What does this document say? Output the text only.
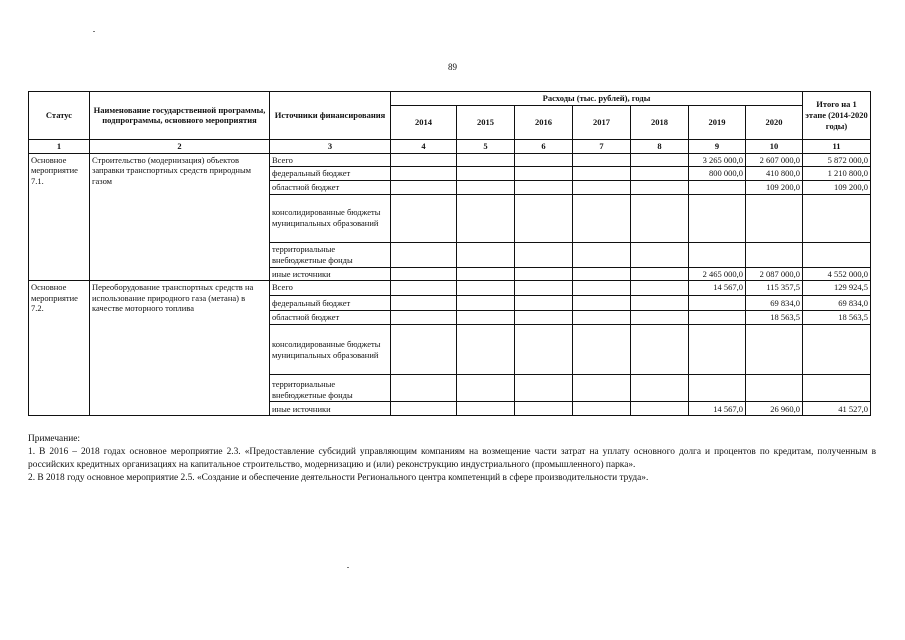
89
Статус	Наименование государственной программы, подпрограммы, основного мероприятия	Источники финансирования	Расходы (тыс. рублей), годы							Итого на 1 этапе (2014-2020 годы)
			2014	2015	2016	2017	2018	2019	2020	
1	2	3	4	5	6	7	8	9	10	11
Основное мероприятие 7.1.	Строительство (модернизация) объектов заправки транспортных средств природным газом	Всего						3 265 000,0	2 607 000,0	5 872 000,0
		федеральный бюджет						800 000,0	410 800,0	1 210 800,0
		областной бюджет							109 200,0	109 200,0
		консолидированные бюджеты муниципальных образований								
		территориальные внебюджетные фонды								
		иные источники						2 465 000,0	2 087 000,0	4 552 000,0
Основное мероприятие 7.2.	Переоборудование транспортных средств на использование природного газа (метана) в качестве моторного топлива	Всего						14 567,0	115 357,5	129 924,5
		федеральный бюджет							69 834,0	69 834,0
		областной бюджет							18 563,5	18 563,5
		консолидированные бюджеты муниципальных образований								
		территориальные внебюджетные фонды								
		иные источники						14 567,0	26 960,0	41 527,0

Примечание:

1. В 2016 – 2018 годах основное мероприятие 2.3. «Предоставление субсидий управляющим компаниям на возмещение части затрат на уплату основного долга и процентов по кредитам, полученным в российских кредитных организациях на капитальное строительство, модернизацию и (или) реконструкцию индустриального (промышленного) парка».

2. В 2018 году основное мероприятие 2.5. «Создание и обеспечение деятельности Регионального центра компетенций в сфере производительности труда».
